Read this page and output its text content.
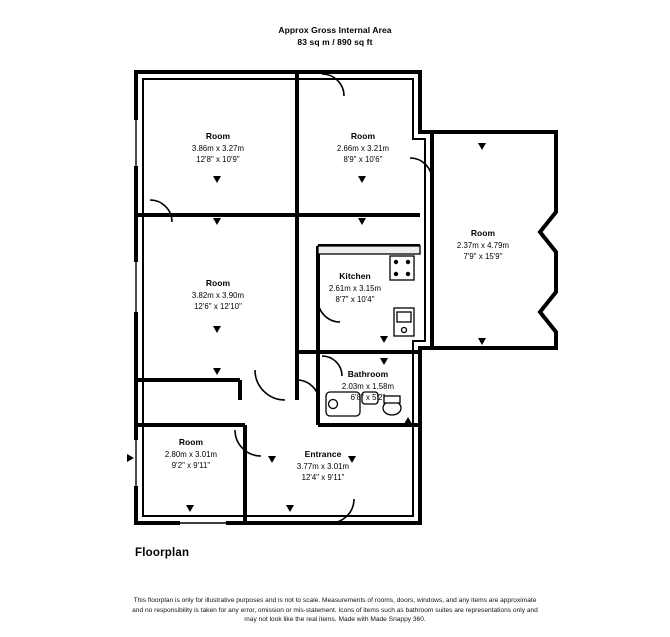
Approx Gross Internal Area
83 sq m / 890 sq ft
Room
3.86m x 3.27m
12'8" x 10'9"
Room
2.66m x 3.21m
8'9" x 10'6"
Room
2.37m x 4.79m
7'9" x 15'9"
Room
3.82m x 3.90m
12'6" x 12'10"
Kitchen
2.61m x 3.15m
8'7" x 10'4"
Bathroom
2.03m x 1.58m
6'8" x 5'2"
Room
2.80m x 3.01m
9'2" x 9'11"
Entrance
3.77m x 3.01m
12'4" x 9'11"
Floorplan
This floorplan is only for illustrative purposes and is not to scale. Measurements of rooms, doors, windows, and any items are approximate
and no responsibility is taken for any error, omission or mis-statement. Icons of items such as bathroom suites are representations only and
may not look like the real items. Made with Made Snappy 360.
